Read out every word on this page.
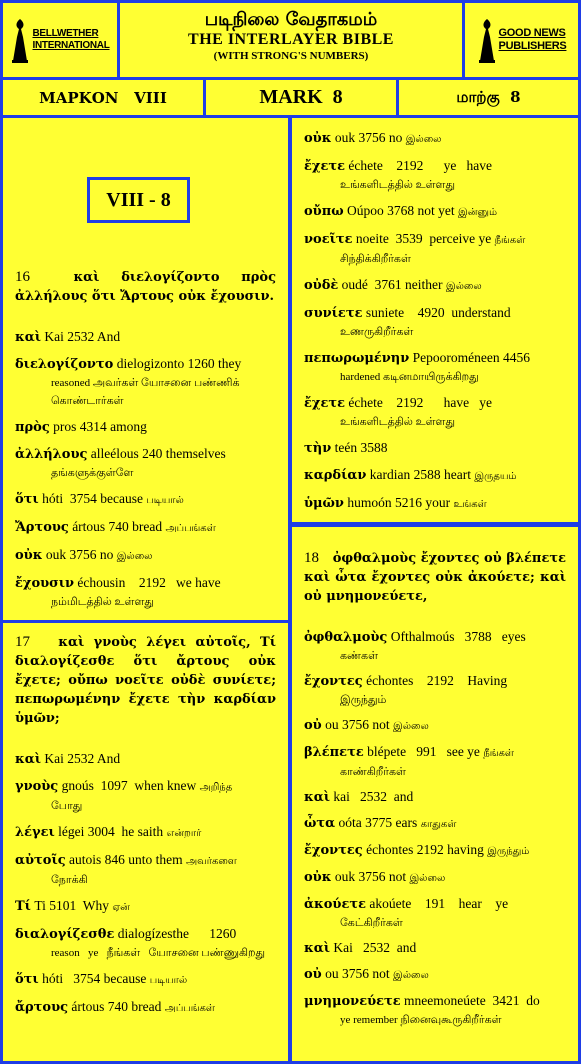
BELLWETHER
INTERNATIONAL
படிநிலை வேதாகமம்
THE INTERLAYER BIBLE
(WITH STRONG'S NUMBERS)
GOOD NEWS
PUBLISHERS
ΜΑΡΚΟΝ   VIII	MARK  8	மாற்கு  8
VIII - 8
16	καὶ διελογίζοντο πρὸς ἀλλήλους ὅτι Ἄρτους οὐκ ἔχουσιν.
καὶ Kai 2532 And
διελογίζοντο dielogizonto 1260 they
reasoned அவர்கள் யோசனை பண்ணிக் கொண்டார்கள்
πρὸς pros 4314 among
ἀλλήλους alleélous 240 themselves
தங்களுக்குள்ளே
ὅτι hóti  3754 because படியால்
Ἄρτους ártous 740 bread அப்பங்கள்
οὐκ ouk 3756 no இல்லை
ἔχουσιν échousin    2192   we have
நம்மிடத்தில் உள்ளது
17 καὶ γνοὺς λέγει αὐτοῖς, Τί διαλογίζεσθε ὅτι ἄρτους οὐκ ἔχετε; οὔπω νοεῖτε οὐδὲ συνίετε; πεπωρωμένην ἔχετε τὴν καρδίαν ὑμῶν;
καὶ Kai 2532 And
γνοὺς gnoús  1097  when knew அறிந்த
போது
λέγει légei 3004  he saith என்றார்
αὐτοῖς autois 846 unto them அவர்களை
நோக்கி
Τί Ti 5101  Why ஏன்
διαλογίζεσθε dialogízesthe      1260
reason   ye   நீங்கள்   யோசனை பண்ணுகிறது
ὅτι hóti   3754 because படியால்
ἄρτους ártous 740 bread அப்பங்கள்
οὐκ ouk 3756 no இல்லை
ἔχετε échete    2192      ye   have
உங்களிடத்தில் உள்ளது
οὔπω Oúpoo 3768 not yet இன்னும்
νοεῖτε noeite  3539  perceive ye நீங்கள்
சிந்திக்கிறீர்கள்
οὐδὲ oudé  3761 neither இல்லை
συνίετε suniete    4920  understand
உணருகிறீர்கள்
πεπωρωμένην Pepooroméneen 4456
hardened கடினமாயிருக்கிறது
ἔχετε échete    2192      have   ye
உங்களிடத்தில் உள்ளது
τὴν teén 3588
καρδίαν kardian 2588 heart இருதயம்
ὑμῶν humoón 5216 your உங்கள்
18 ὀφθαλμοὺς ἔχοντες οὐ βλέπετε καὶ ὦτα ἔχοντες οὐκ ἀκούετε; καὶ οὐ μνημονεύετε,
ὀφθαλμοὺς Ofthalmoús   3788   eyes
கண்கள்
ἔχοντες échontes    2192    Having
இருந்தும்
οὐ ou 3756 not இல்லை
βλέπετε blépete   991   see ye நீங்கள்
காண்கிறீர்கள்
καὶ kai   2532  and
ὦτα oóta 3775 ears காதுகள்
ἔχοντες échontes 2192 having இருந்தும்
οὐκ ouk 3756 not இல்லை
ἀκούετε akoúete    191    hear    ye
கேட்கிறீர்கள்
καὶ Kai   2532  and
οὐ ou 3756 not இல்லை
μνημονεύετε mneemoneúete  3421  do
ye remember நினைவுகூருகிறீர்கள்
